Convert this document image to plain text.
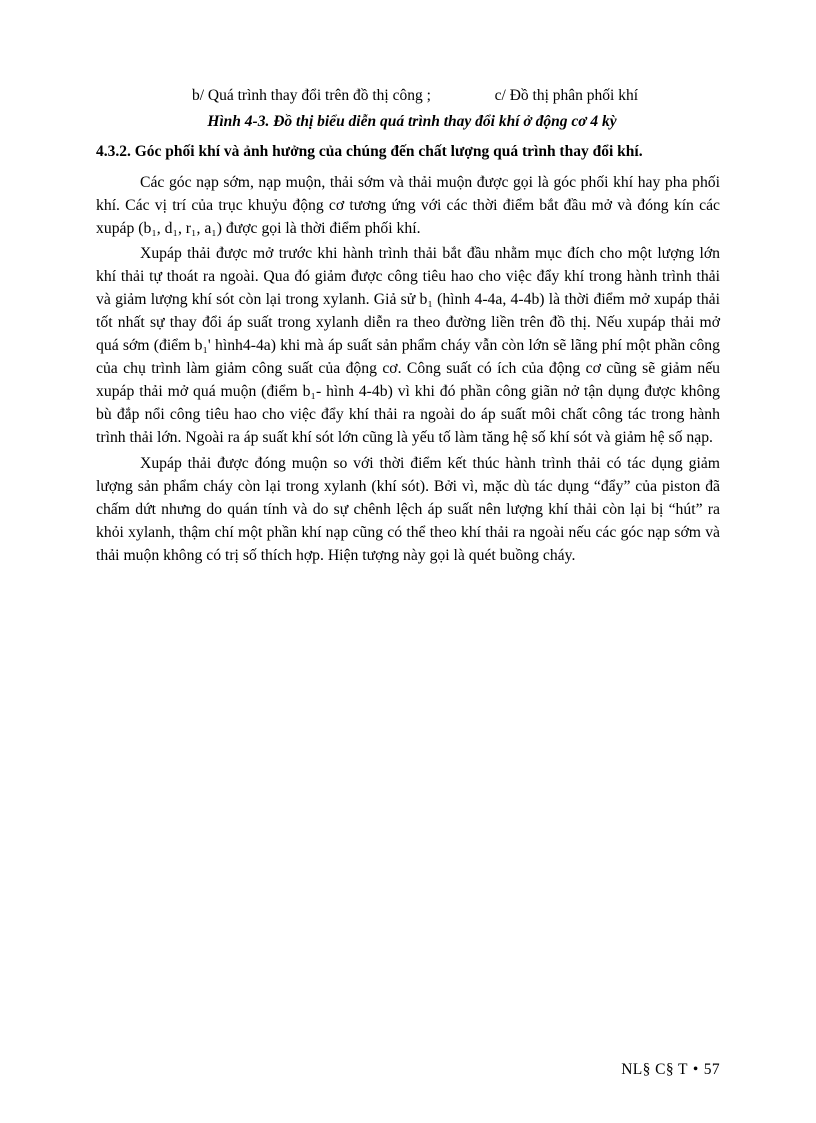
b/ Quá trình thay đổi trên đồ thị công ;	c/ Đồ thị phân phối khí
Hình 4-3. Đồ thị biểu diễn quá trình thay đổi khí ở động cơ 4 kỳ
4.3.2. Góc phối khí và ảnh hưởng của chúng đến chất lượng quá trình thay đổi khí.

Các góc nạp sớm, nạp muộn, thải sớm và thải muộn được gọi là góc phối khí hay pha phối khí. Các vị trí của trục khuỷu động cơ tương ứng với các thời điểm bắt đầu mở và đóng kín các xupáp (b₁, d₁, r₁, a₁) được gọi là thời điểm phối khí.

Xupáp thải được mở trước khi hành trình thải bắt đầu nhằm mục đích cho một lượng lớn khí thải tự thoát ra ngoài. Qua đó giảm được công tiêu hao cho việc đẩy khí trong hành trình thải và giảm lượng khí sót còn lại trong xylanh. Giả sử b₁ (hình 4-4a, 4-4b) là thời điểm mở xupáp thải tốt nhất sự thay đổi áp suất trong xylanh diễn ra theo đường liền trên đồ thị. Nếu xupáp thải mở quá sớm (điểm b₁' hình4-4a) khi mà áp suất sản phẩm cháy vẫn còn lớn sẽ lãng phí một phần công của chụ trình làm giảm công suất của động cơ. Công suất có ích của động cơ cũng sẽ giảm nếu xupáp thải mở quá muộn (điểm b₁- hình 4-4b) vì khi đó phần công giãn nở tận dụng được không bù đắp nổi công tiêu hao cho việc đẩy khí thải ra ngoài do áp suất môi chất công tác trong hành trình thải lớn. Ngoài ra áp suất khí sót lớn cũng là yếu tố làm tăng hệ số khí sót và giảm hệ số nạp.

Xupáp thải được đóng muộn so với thời điểm kết thúc hành trình thải có tác dụng giảm lượng sản phẩm cháy còn lại trong xylanh (khí sót). Bởi vì, mặc dù tác dụng “đẩy” của piston đã chấm dứt nhưng do quán tính và do sự chênh lệch áp suất nên lượng khí thải còn lại bị “hút” ra khỏi xylanh, thậm chí một phần khí nạp cũng có thể theo khí thải ra ngoài nếu các góc nạp sớm và thải muộn không có trị số thích hợp. Hiện tượng này gọi là quét buồng cháy.

NL§ C§ T • 57
